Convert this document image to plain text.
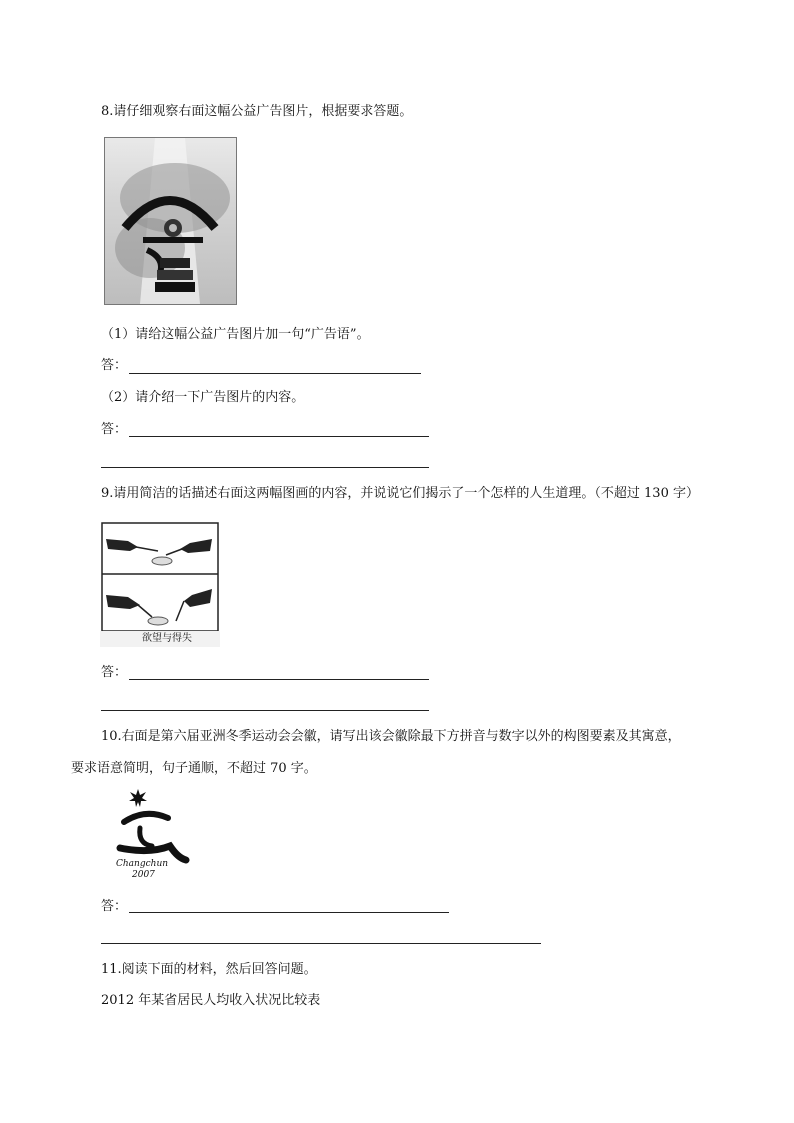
8.请仔细观察右面这幅公益广告图片，根据要求答题。
（1）请给这幅公益广告图片加一句“广告语”。
答：
（2）请介绍一下广告图片的内容。
答：
9.请用简洁的话描述右面这两幅图画的内容，并说说它们揭示了一个怎样的人生道理。（不超过 130 字）
欲望与得失
答：
10.右面是第六届亚洲冬季运动会会徽，请写出该会徽除最下方拼音与数字以外的构图要素及其寓意，
要求语意简明，句子通顺，不超过 70 字。
Changchun
2007
答：
11.阅读下面的材料，然后回答问题。
2012 年某省居民人均收入状况比较表
